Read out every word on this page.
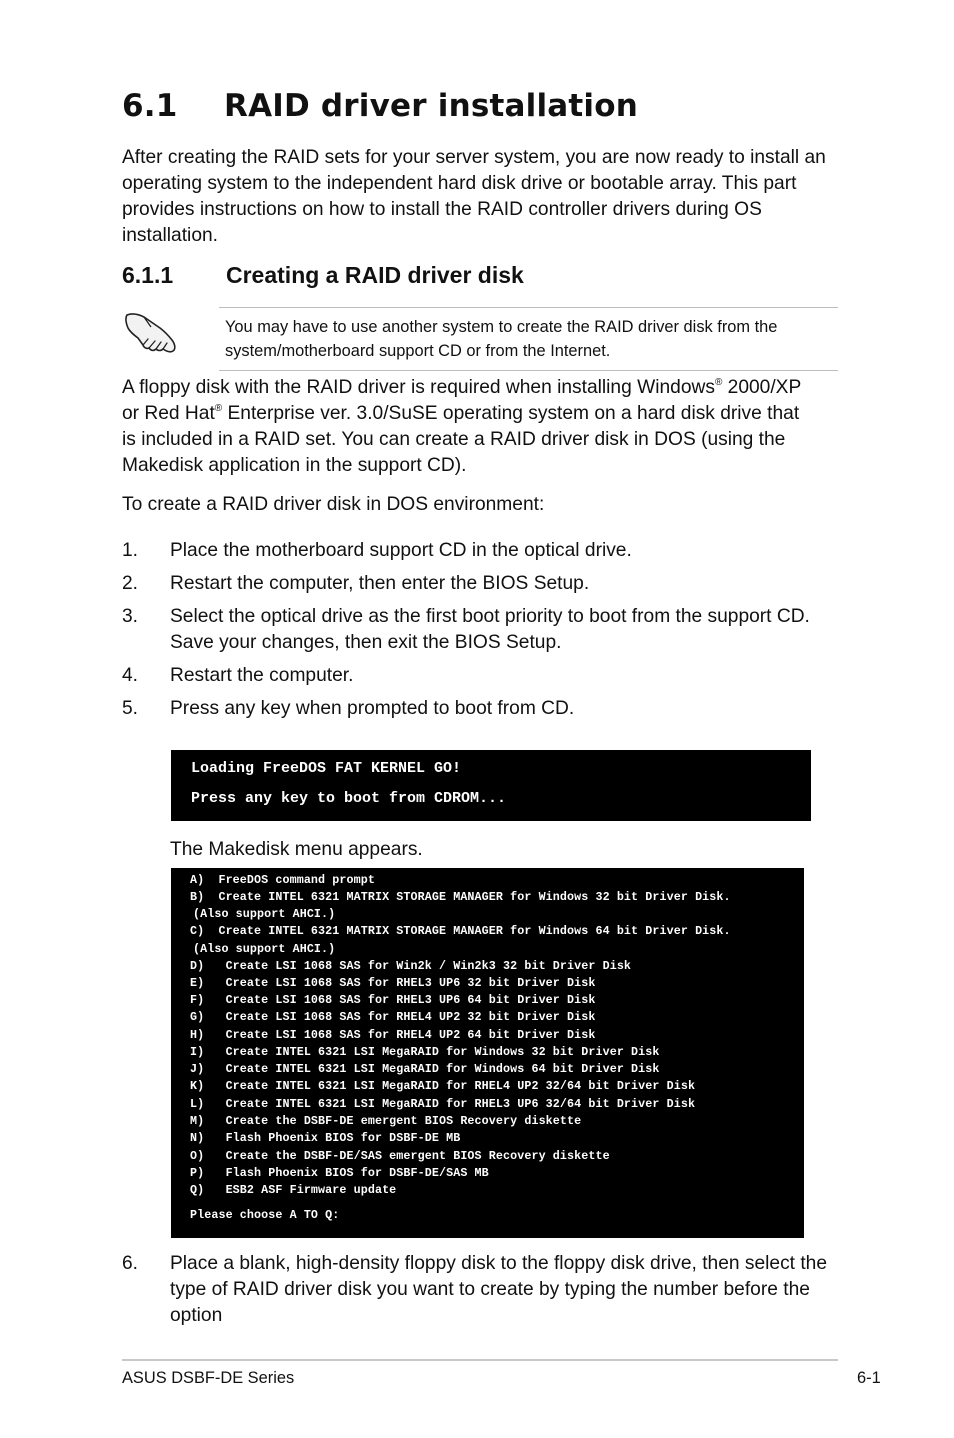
6.1 RAID driver installation
After creating the RAID sets for your server system, you are now ready to install an operating system to the independent hard disk drive or bootable array. This part provides instructions on how to install the RAID controller drivers during OS installation.
6.1.1 Creating a RAID driver disk
You may have to use another system to create the RAID driver disk from the
system/motherboard support CD or from the Internet.
A floppy disk with the RAID driver is required when installing Windows® 2000/XP
or Red Hat® Enterprise ver. 3.0/SuSE operating system on a hard disk drive that
is included in a RAID set. You can create a RAID driver disk in DOS (using the
Makedisk application in the support CD).
To create a RAID driver disk in DOS environment:
1. Place the motherboard support CD in the optical drive.
2. Restart the computer, then enter the BIOS Setup.
3. Select the optical drive as the first boot priority to boot from the support CD.
Save your changes, then exit the BIOS Setup.
4. Restart the computer.
5. Press any key when prompted to boot from CD.
Loading FreeDOS FAT KERNEL GO!
Press any key to boot from CDROM...
The Makedisk menu appears.
A)  FreeDOS command prompt
B)  Create INTEL 6321 MATRIX STORAGE MANAGER for Windows 32 bit Driver Disk.
(Also support AHCI.)
C)  Create INTEL 6321 MATRIX STORAGE MANAGER for Windows 64 bit Driver Disk.
(Also support AHCI.)
D)   Create LSI 1068 SAS for Win2k / Win2k3 32 bit Driver Disk
E)   Create LSI 1068 SAS for RHEL3 UP6 32 bit Driver Disk
F)   Create LSI 1068 SAS for RHEL3 UP6 64 bit Driver Disk
G)   Create LSI 1068 SAS for RHEL4 UP2 32 bit Driver Disk
H)   Create LSI 1068 SAS for RHEL4 UP2 64 bit Driver Disk
I)   Create INTEL 6321 LSI MegaRAID for Windows 32 bit Driver Disk
J)   Create INTEL 6321 LSI MegaRAID for Windows 64 bit Driver Disk
K)   Create INTEL 6321 LSI MegaRAID for RHEL4 UP2 32/64 bit Driver Disk
L)   Create INTEL 6321 LSI MegaRAID for RHEL3 UP6 32/64 bit Driver Disk
M)   Create the DSBF-DE emergent BIOS Recovery diskette
N)   Flash Phoenix BIOS for DSBF-DE MB
O)   Create the DSBF-DE/SAS emergent BIOS Recovery diskette
P)   Flash Phoenix BIOS for DSBF-DE/SAS MB
Q)   ESB2 ASF Firmware update
Please choose A TO Q:
6. Place a blank, high-density floppy disk to the floppy disk drive, then select the
type of RAID driver disk you want to create by typing the number before the
option
ASUS DSBF-DE Series	6-1
